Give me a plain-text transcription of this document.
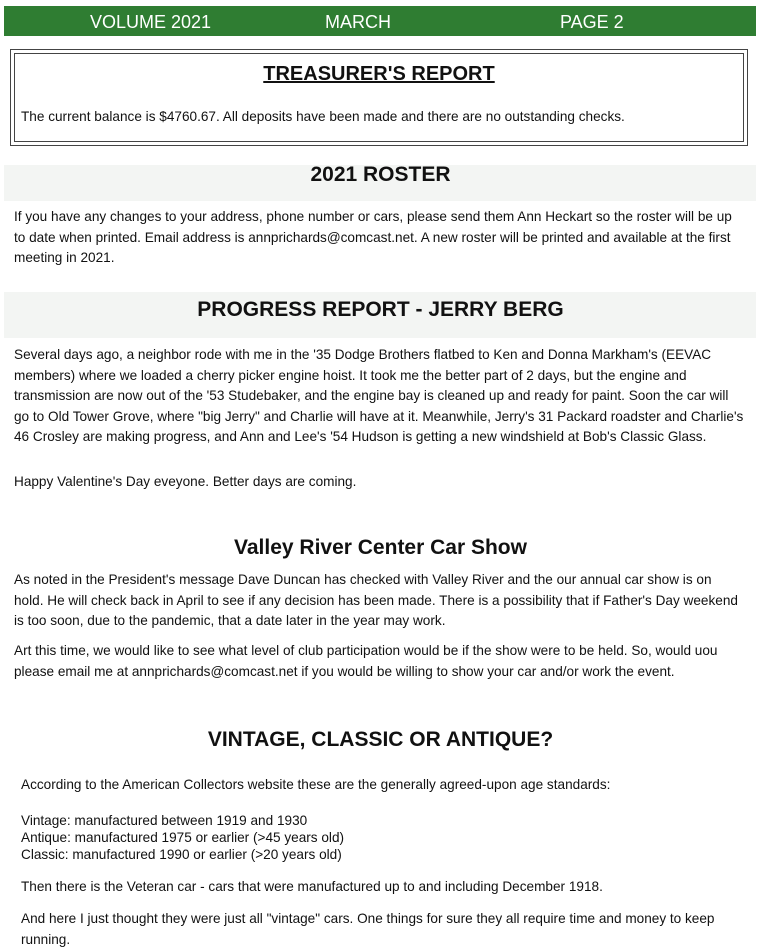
VOLUME 2021	MARCH	PAGE 2
TREASURER'S REPORT

The current balance is $4760.67. All deposits have been made and there are no outstanding checks.

2021 ROSTER

If you have any changes to your address, phone number or cars, please send them Ann Heckart so the roster will be up to date when printed. Email address is annprichards@comcast.net. A new roster will be printed and available at the first meeting in 2021.

PROGRESS REPORT - JERRY BERG

Several days ago, a neighbor rode with me in the '35 Dodge Brothers flatbed to Ken and Donna Markham's (EEVAC members) where we loaded a cherry picker engine hoist. It took me the better part of 2 days, but the engine and transmission are now out of the '53 Studebaker, and the engine bay is cleaned up and ready for paint. Soon the car will go to Old Tower Grove, where "big Jerry" and Charlie will have at it. Meanwhile, Jerry's 31 Packard roadster and Charlie's 46 Crosley are making progress, and Ann and Lee's '54 Hudson is getting a new windshield at Bob's Classic Glass.

Happy Valentine's Day eveyone. Better days are coming.

Valley River Center Car Show

As noted in the President's message Dave Duncan has checked with Valley River and the our annual car show is on hold. He will check back in April to see if any decision has been made. There is a possibility that if Father's Day weekend is too soon, due to the pandemic, that a date later in the year may work.

Art this time, we would like to see what level of club participation would be if the show were to be held. So, would uou please email me at annprichards@comcast.net if you would be willing to show your car and/or work the event.

VINTAGE, CLASSIC OR ANTIQUE?

According to the American Collectors website these are the generally agreed-upon age standards:

Vintage: manufactured between 1919 and 1930

Antique: manufactured 1975 or earlier (>45 years old)

Classic: manufactured 1990 or earlier (>20 years old)

Then there is the Veteran car - cars that were manufactured up to and including December 1918.

And here I just thought they were just all "vintage" cars. One things for sure they all require time and money to keep running.
